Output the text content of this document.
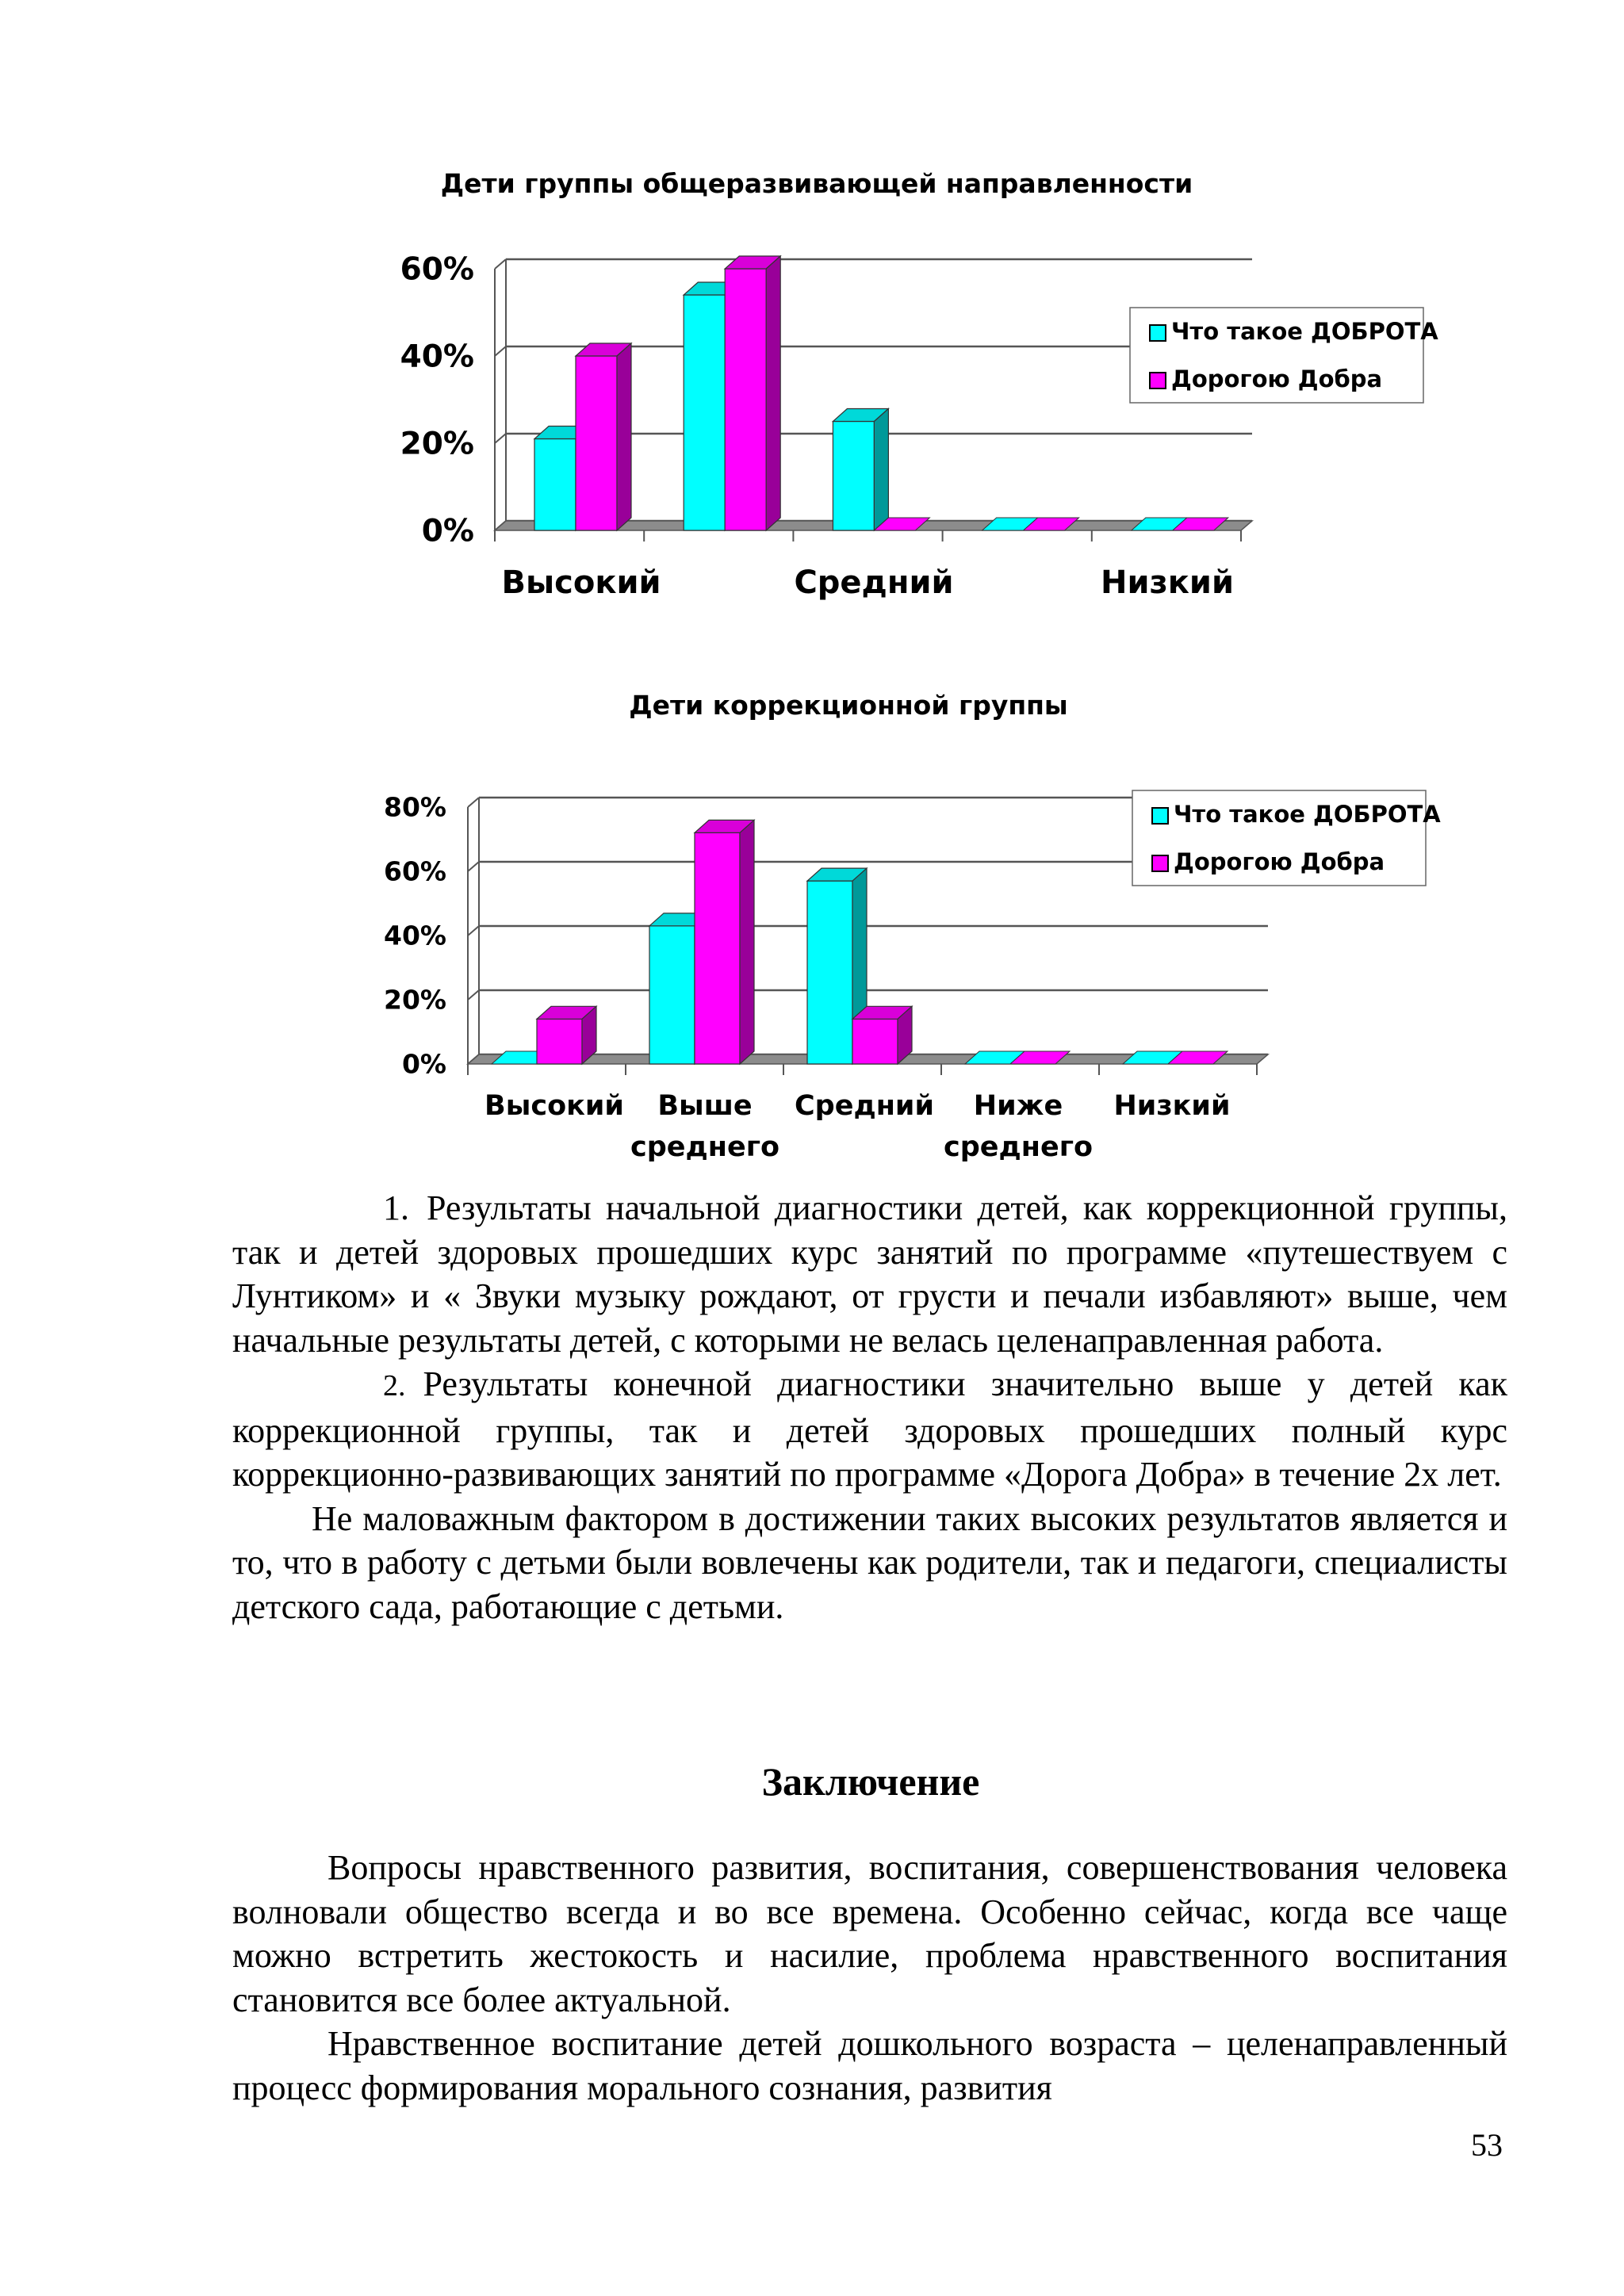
Дети группы общеразвивающей направленности
0%
20%
40%
60%
Высокий	Средний	Низкий
Что такое ДОБРОТА
Дорогою Добра
Дети коррекционной группы
0%
20%
40%
60%
80%
Высокий Выше
среднего
Средний Ниже
среднего
Низкий
Что такое ДОБРОТА
Дорогою Добра

1. Результаты начальной диагностики детей, как коррекционной группы, так и детей здоровых прошедших курс занятий по программе «путешествуем с Лунтиком» и « Звуки музыку рождают, от грусти и печали избавляют» выше, чем начальные результаты детей, с которыми не велась целенаправленная работа.

2. Результаты конечной диагностики значительно выше у детей как коррекционной группы, так и детей здоровых прошедших полный курс коррекционно-развивающих занятий по программе «Дорога Добра» в течение 2х лет.

Не маловажным фактором в достижении таких высоких результатов является и то, что в работу с детьми были вовлечены как родители, так и педагоги, специалисты детского сада, работающие с детьми.

Заключение

Вопросы нравственного развития, воспитания, совершенствования человека волновали общество всегда и во все времена. Особенно сейчас, когда все чаще можно встретить жестокость и насилие, проблема нравственного воспитания становится все более актуальной.

Нравственное воспитание детей дошкольного возраста – целенаправленный процесс формирования морального сознания, развития

53
